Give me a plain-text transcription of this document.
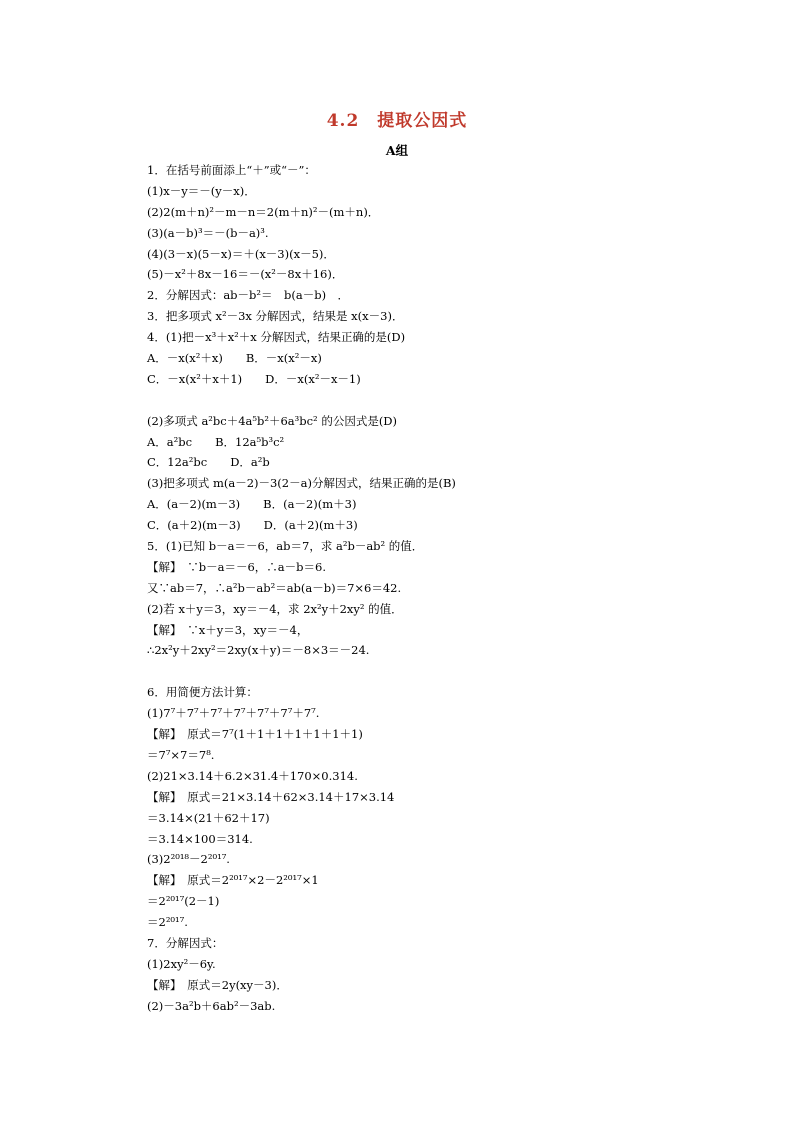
4.2　提取公因式
A组
1．在括号前面添上“＋”或“－”：
(1)x－y＝－(y－x)．
(2)2(m＋n)²－m－n＝2(m＋n)²－(m＋n)．
(3)(a－b)³＝－(b－a)³.
(4)(3－x)(5－x)＝＋(x－3)(x－5)．
(5)－x²＋8x－16＝－(x²－8x＋16)．
2．分解因式：ab－b²＝　b(a－b)　．
3．把多项式 x²－3x 分解因式，结果是 x(x－3)．
4．(1)把－x³＋x²＋x 分解因式，结果正确的是(D)
A．－x(x²＋x)　　B．－x(x²－x)
C．－x(x²＋x＋1)　　D．－x(x²－x－1)
(2)多项式 a²bc＋4a⁵b²＋6a³bc² 的公因式是(D)
A．a²bc　　B．12a⁵b³c²
C．12a²bc　　D．a²b
(3)把多项式 m(a－2)－3(2－a)分解因式，结果正确的是(B)
A．(a－2)(m－3)　　B．(a－2)(m＋3)
C．(a＋2)(m－3)　　D．(a＋2)(m＋3)
5．(1)已知 b－a＝－6，ab＝7，求 a²b－ab² 的值．
【解】　∵b－a＝－6，∴a－b＝6.
又∵ab＝7，∴a²b－ab²＝ab(a－b)＝7×6＝42.
(2)若 x＋y＝3，xy＝－4，求 2x²y＋2xy² 的值．
【解】　∵x＋y＝3，xy＝－4，
∴2x²y＋2xy²＝2xy(x＋y)＝－8×3＝－24.
6．用简便方法计算：
(1)7⁷＋7⁷＋7⁷＋7⁷＋7⁷＋7⁷＋7⁷.
【解】　原式＝7⁷(1＋1＋1＋1＋1＋1＋1)
＝7⁷×7＝7⁸.
(2)21×3.14＋6.2×31.4＋170×0.314.
【解】　原式＝21×3.14＋62×3.14＋17×3.14
＝3.14×(21＋62＋17)
＝3.14×100＝314.
(3)2²⁰¹⁸－2²⁰¹⁷.
【解】　原式＝2²⁰¹⁷×2－2²⁰¹⁷×1
＝2²⁰¹⁷(2－1)
＝2²⁰¹⁷.
7．分解因式：
(1)2xy²－6y.
【解】　原式＝2y(xy－3)．
(2)－3a²b＋6ab²－3ab.
